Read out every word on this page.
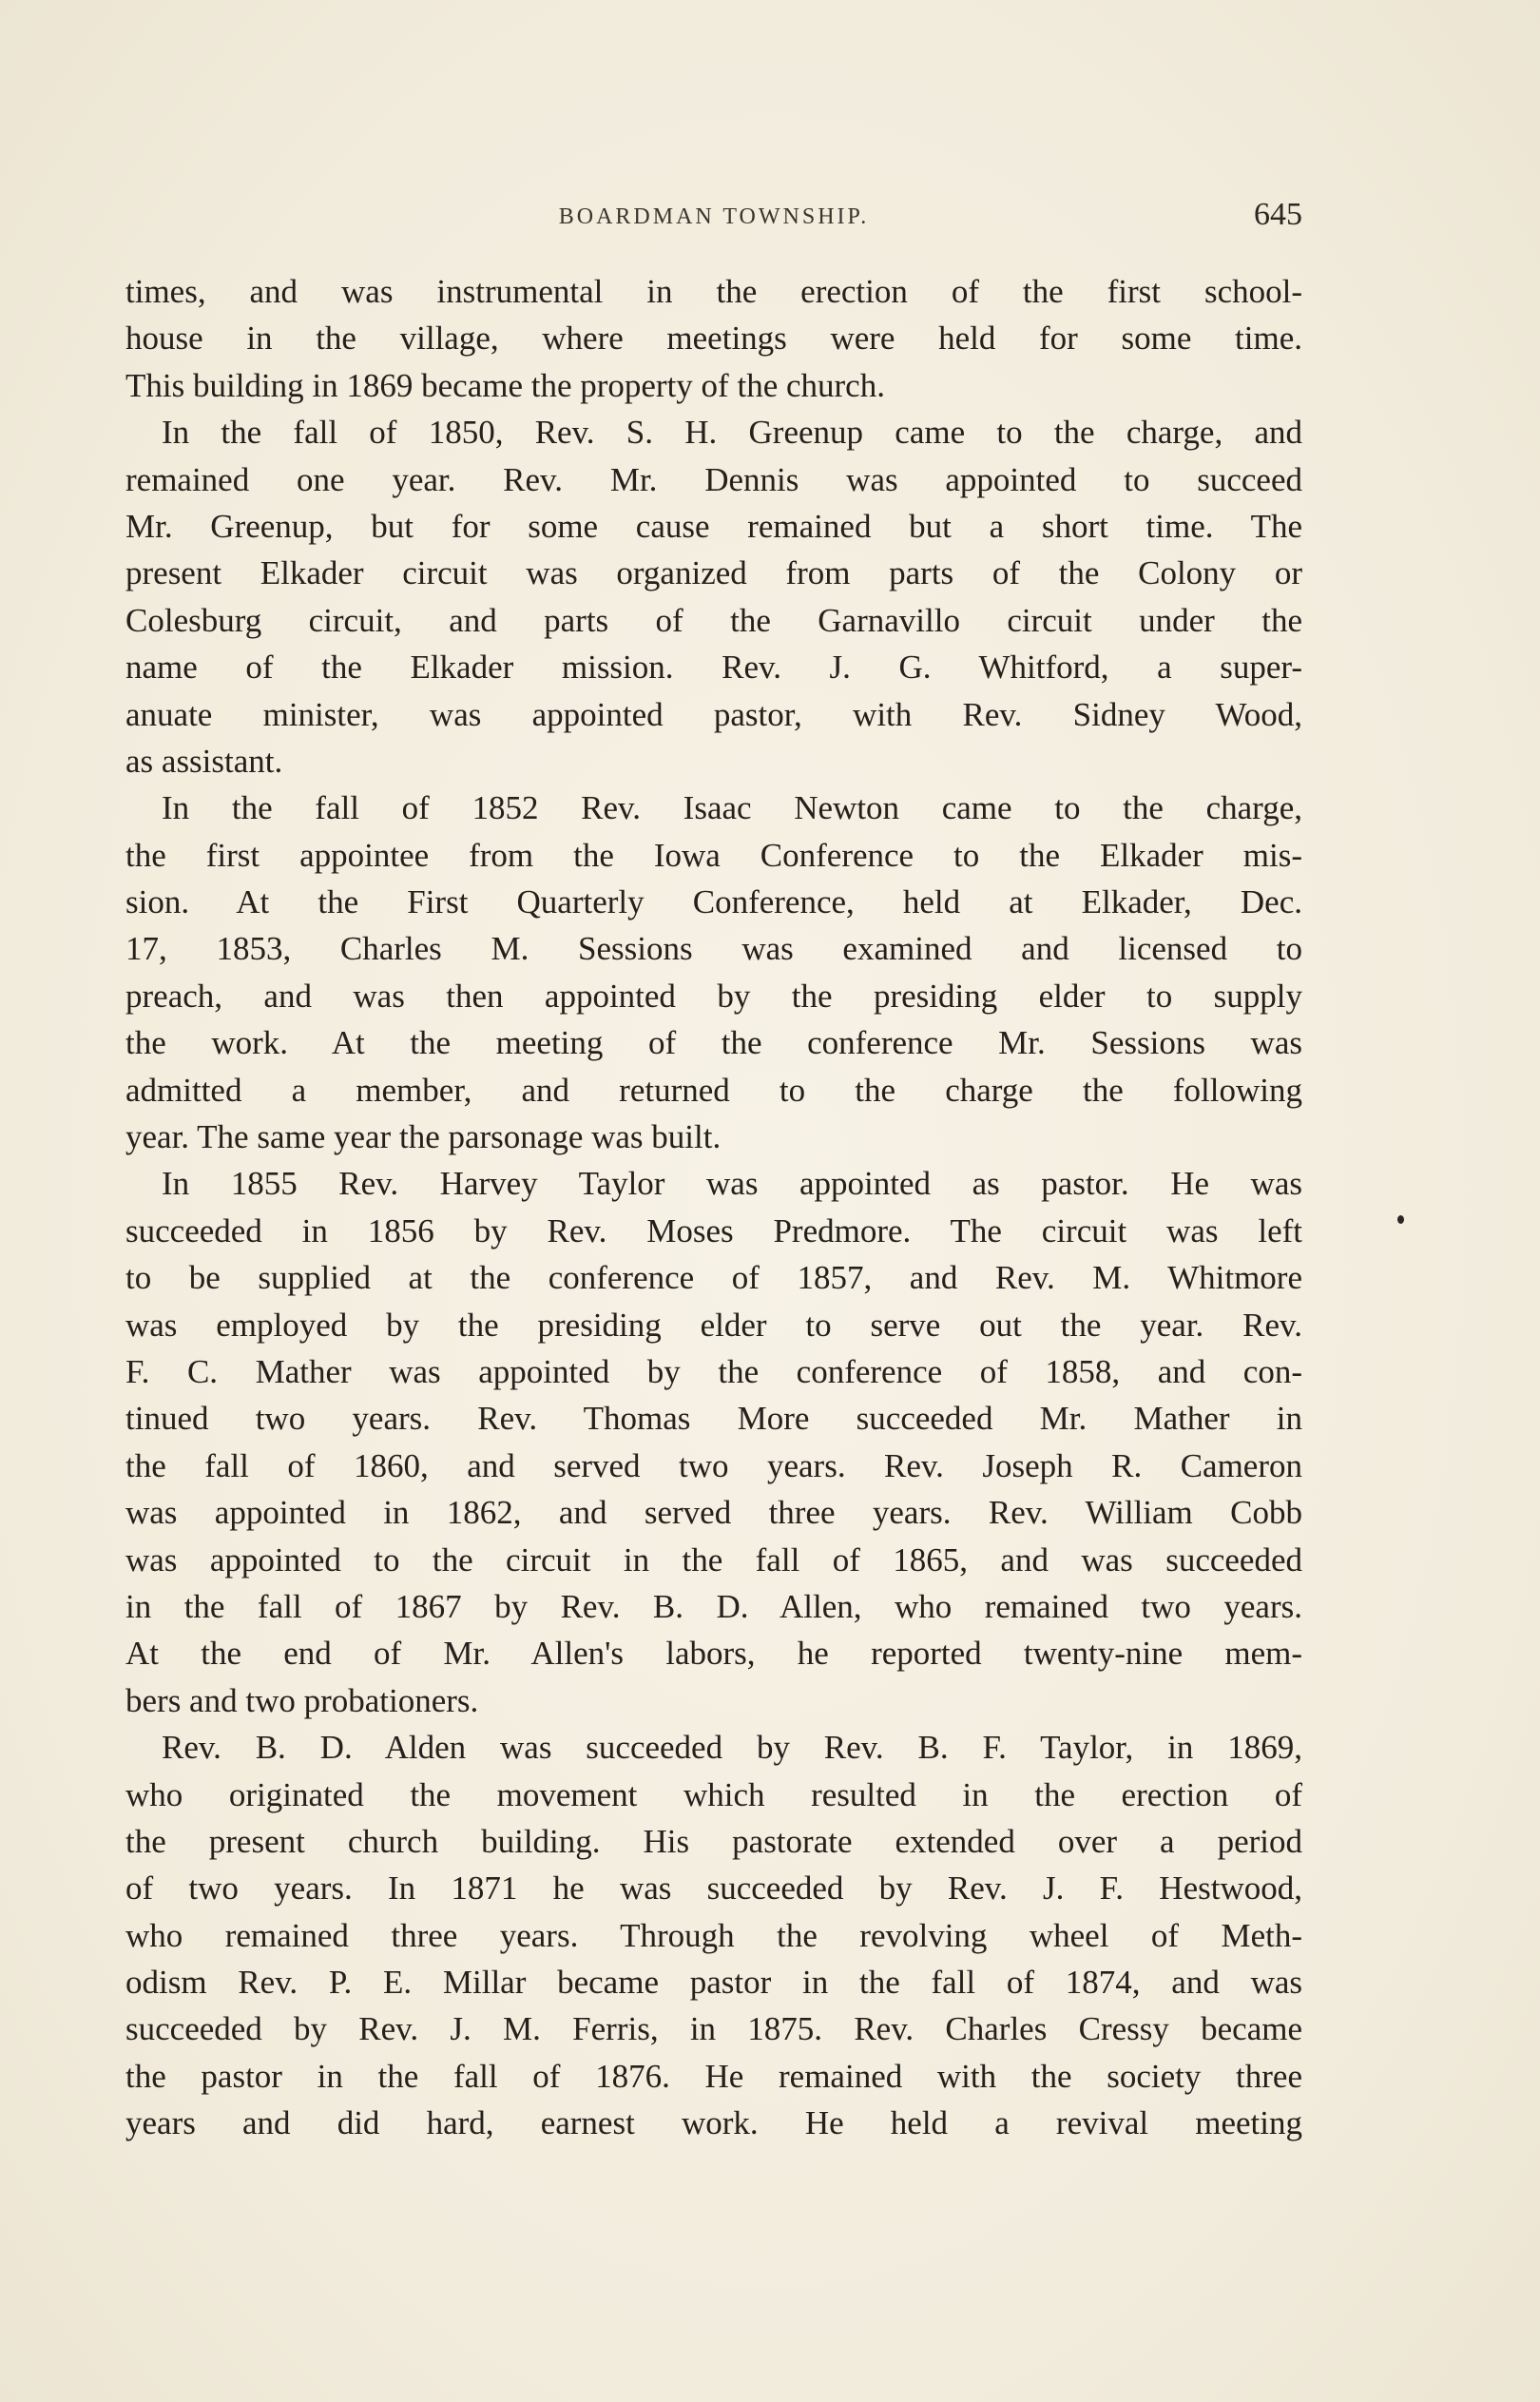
BOARDMAN TOWNSHIP.	645
times, and was instrumental in the erection of the first school-
house in the village, where meetings were held for some time.
This building in 1869 became the property of the church.
In the fall of 1850, Rev. S. H. Greenup came to the charge, and
remained one year. Rev. Mr. Dennis was appointed to succeed
Mr. Greenup, but for some cause remained but a short time. The
present Elkader circuit was organized from parts of the Colony or
Colesburg circuit, and parts of the Garnavillo circuit under the
name of the Elkader mission. Rev. J. G. Whitford, a super-
anuate minister, was appointed pastor, with Rev. Sidney Wood,
as assistant.
In the fall of 1852 Rev. Isaac Newton came to the charge,
the first appointee from the Iowa Conference to the Elkader mis-
sion. At the First Quarterly Conference, held at Elkader, Dec.
17, 1853, Charles M. Sessions was examined and licensed to
preach, and was then appointed by the presiding elder to supply
the work. At the meeting of the conference Mr. Sessions was
admitted a member, and returned to the charge the following
year. The same year the parsonage was built.
In 1855 Rev. Harvey Taylor was appointed as pastor. He was
succeeded in 1856 by Rev. Moses Predmore. The circuit was left
to be supplied at the conference of 1857, and Rev. M. Whitmore
was employed by the presiding elder to serve out the year. Rev.
F. C. Mather was appointed by the conference of 1858, and con-
tinued two years. Rev. Thomas More succeeded Mr. Mather in
the fall of 1860, and served two years. Rev. Joseph R. Cameron
was appointed in 1862, and served three years. Rev. William Cobb
was appointed to the circuit in the fall of 1865, and was succeeded
in the fall of 1867 by Rev. B. D. Allen, who remained two years.
At the end of Mr. Allen's labors, he reported twenty-nine mem-
bers and two probationers.
Rev. B. D. Alden was succeeded by Rev. B. F. Taylor, in 1869,
who originated the movement which resulted in the erection of
the present church building. His pastorate extended over a period
of two years. In 1871 he was succeeded by Rev. J. F. Hestwood,
who remained three years. Through the revolving wheel of Meth-
odism Rev. P. E. Millar became pastor in the fall of 1874, and was
succeeded by Rev. J. M. Ferris, in 1875. Rev. Charles Cressy became
the pastor in the fall of 1876. He remained with the society three
years and did hard, earnest work. He held a revival meeting
